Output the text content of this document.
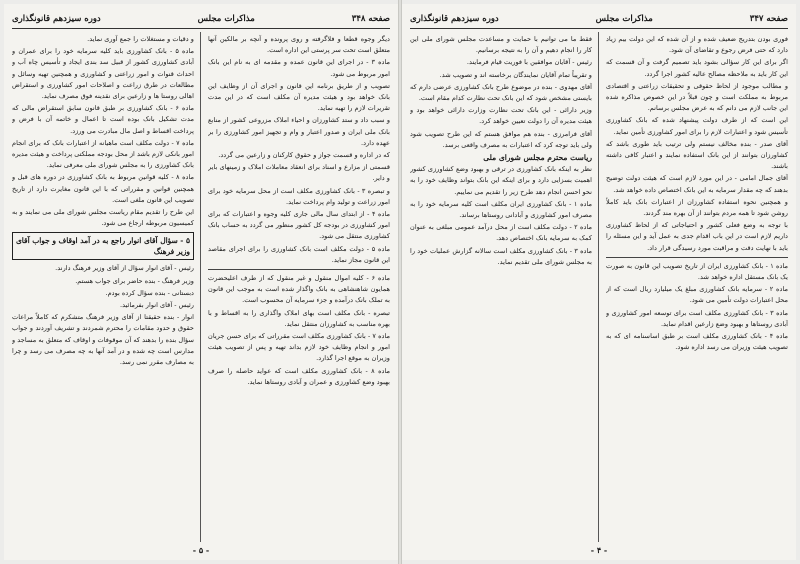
صفحه ۳۴۸
مذاکرات مجلس
دوره سیزدهم قانونگذاری

دیگر وجوه قطعا و فلاگرفته و روی پرونده و آنچه بر مالکین آنها متعلق است تحت سر پرستی این اداره است.

ماده ۳ - در اجرای این قانون عمده و مقدمه ای به نام این بانک امور مربوط می شود.

تصویب و از طریق برنامه این قانون و اجرای آن از وظایف این بانک خواهد بود و هیئت مدیره آن مکلف است که در این مدت تقریرات لازم را تهیه نماید.

و سبب داد و ستد کشاورزان و احیاء املاک مزروعی کشور از منابع بانک ملی ایران و صدور اعتبار و وام و تجهیز امور کشاورزی را بر عهده دارد.

که در اداره و قسمت جواز و حقوق کارکنان و زارعین می گردد.

قسمتی از مزارع و اسناد برای انعقاد معاملات املاک و زمینهای بایر و دایر.

و تبصره ۳ - بانک کشاورزی مکلف است از محل سرمایه خود برای امور زراعت و تولید وام پرداخت نماید.

ماده ۴ - از ابتدای سال مالی جاری کلیه وجوه و اعتبارات که برای امور کشاورزی در بودجه کل کشور منظور می گردد به حساب بانک کشاورزی منتقل می شود.

ماده ۵ - دولت مکلف است بانک کشاورزی را برای اجرای مقاصد این قانون مجاز نماید.

ماده ۶ - کلیه اموال منقول و غیر منقول که از طرف اعلیحضرت همایون شاهنشاهی به بانک واگذار شده است به موجب این قانون به تملک بانک درآمده و جزء سرمایه آن محسوب است.

تبصره - بانک مکلف است بهای املاک واگذاری را به اقساط و با بهره مناسب به کشاورزان منتقل نماید.

ماده ۷ - بانک کشاورزی مکلف است مقرراتی که برای حسن جریان امور و انجام وظایف خود لازم بداند تهیه و پس از تصویب هیئت وزیران به موقع اجرا گذارد.

ماده ۸ - بانک کشاورزی مکلف است که عواید حاصله را صرف بهبود وضع کشاورزی و عمران و آبادی روستاها نماید.

و دقیات و مستغلات را جمع آوری نماید.

ماده ۵ - بانک کشاورزی باید کلیه سرمایه خود را برای عمران و آبادی کشاورزی کشور از قبیل سد بندی ایجاد و تأسیس چاه آب و احداث قنوات و امور زراعتی و کشاورزی و همچنین تهیه وسائل و مطالعات در طرق زراعت و اصلاحات امور کشاورزی و استقراض اهالی روستا ها و زارعین برای نقدینه فوق مصرف نماید.

ماده ۶ - بانک کشاورزی بر طبق قانون سابق استقراض مالی که مدت تشکیل بانک بوده است تا اعمال و خاتمه آن با فرض و پرداخت اقساط و اصل مال مبادرت می ورزد.

ماده ۷ - دولت مکلف است ماهیانه از اعتبارات بانک که برای انجام امور بانکی لازم باشد از محل بودجه مملکتی پرداخت و هیئت مدیره بانک کشاورزی را به مجلس شورای ملی معرفی نماید.

ماده ۸ - کلیه قوانین مربوط به بانک کشاورزی در دوره های قبل و همچنین قوانین و مقرراتی که با این قانون مغایرت دارد از تاریخ تصویب این قانون ملغی است.

این طرح را تقدیم مقام ریاست مجلس شورای ملی می نمایند و به کمیسیون مربوطه ارجاع می شود.

۵ - سؤال آقای انوار راجع به در آمد اوقاف و جواب آقای وزیر فرهنگ

رئیس - آقای انوار سؤال از آقای وزیر فرهنگ دارند.

وزیر فرهنگ - بنده حاضر برای جواب هستم.

دبستانی - بنده سؤال کرده بودم.

رئیس - آقای انوار بفرمائید.

انوار - بنده حقیقتا از آقای وزیر فرهنگ متشکرم که کاملاً مراعات حقوق و حدود مقامات را محترم شمردند و تشریف آوردند و جواب سؤال بنده را بدهند که آن موقوفات و اوقاف که متعلق به مساجد و مدارس است چه شده و در آمد آنها به چه مصرف می رسد و چرا به مصارف مقرر نمی رسد.

- ۵ -
صفحه ۳۴۷
مذاکرات مجلس
دوره سیزدهم قانونگذاری

فوری بودن بتدریج ضعیف شده و از آن شده که این دولت بیم زیاد دارد که حتی فرض رجوع و تقاضای آن شود.

اگر برای این کار سؤالی بشود باید تصمیم گرفت و آن قسمت که این کار باید به ملاحظه مصالح عالیه کشور اجرا گردد.

و مطالب موجود از لحاظ حقوقی و تحقیقات زراعتی و اقتصادی مربوط به مملکت است و چون قبلاً در این خصوص مذاکره شده این جانب لازم می دانم که به عرض مجلس برسانم.

این است که از طرف دولت پیشنهاد شده که بانک کشاورزی تأسیس شود و اعتبارات لازم را برای امور کشاورزی تأمین نماید.

آقای صدر - بنده مخالف نیستم ولی ترتیب باید طوری باشد که کشاورزان بتوانند از این بانک استفاده نمایند و اعتبار کافی داشته باشند.

آقای جمال امامی - در این مورد لازم است که هیئت دولت توضیح بدهند که چه مقدار سرمایه به این بانک اختصاص داده خواهد شد.

و همچنین نحوه استفاده کشاورزان از اعتبارات بانک باید کاملاً روشن شود تا همه مردم بتوانند از آن بهره مند گردند.

با توجه به وضع فعلی کشور و احتیاجاتی که از لحاظ کشاورزی داریم لازم است در این باب اقدام جدی به عمل آید و این مسئله را باید با نهایت دقت و مراقبت مورد رسیدگی قرار داد.

ماده ۱ - بانک کشاورزی ایران از تاریخ تصویب این قانون به صورت یک بانک مستقل اداره خواهد شد.

ماده ۲ - سرمایه بانک کشاورزی مبلغ یک میلیارد ریال است که از محل اعتبارات دولت تأمین می شود.

ماده ۳ - بانک کشاورزی مکلف است برای توسعه امور کشاورزی و آبادی روستاها و بهبود وضع زارعین اقدام نماید.

ماده ۴ - بانک کشاورزی مکلف است بر طبق اساسنامه ای که به تصویب هیئت وزیران می رسد اداره شود.

فقط ما می توانیم با حمایت و مساعدت مجلس شورای ملی این کار را انجام دهیم و آن را به نتیجه برسانیم.

رئیس - آقایان موافقین با فوریت قیام فرمایند.

و تقریباً تمام آقایان نمایندگان برخاسته اند و تصویب شد.

آقای مهدوی - بنده در موضوع طرح بانک کشاورزی عرضی دارم که بایستی مشخص شود که این بانک تحت نظارت کدام مقام است.

وزیر دارائی - این بانک تحت نظارت وزارت دارائی خواهد بود و هیئت مدیره آن را دولت تعیین خواهد کرد.

آقای فرامرزی - بنده هم موافق هستم که این طرح تصویب شود ولی باید توجه کرد که اعتبارات به مصرف واقعی برسد.

ریاست محترم مجلس شورای ملی

نظر به اینکه بانک کشاورزی در ترقی و بهبود وضع کشاورزی کشور اهمیت بسزایی دارد و برای اینکه این بانک بتواند وظایف خود را به نحو احسن انجام دهد طرح زیر را تقدیم می نماییم.

ماده ۱ - بانک کشاورزی ایران مکلف است کلیه سرمایه خود را به مصرف امور کشاورزی و آبادانی روستاها برساند.

ماده ۲ - دولت مکلف است از محل درآمد عمومی مبلغی به عنوان کمک به سرمایه بانک اختصاص دهد.

ماده ۳ - بانک کشاورزی مکلف است سالانه گزارش عملیات خود را به مجلس شورای ملی تقدیم نماید.

- ۴ -
